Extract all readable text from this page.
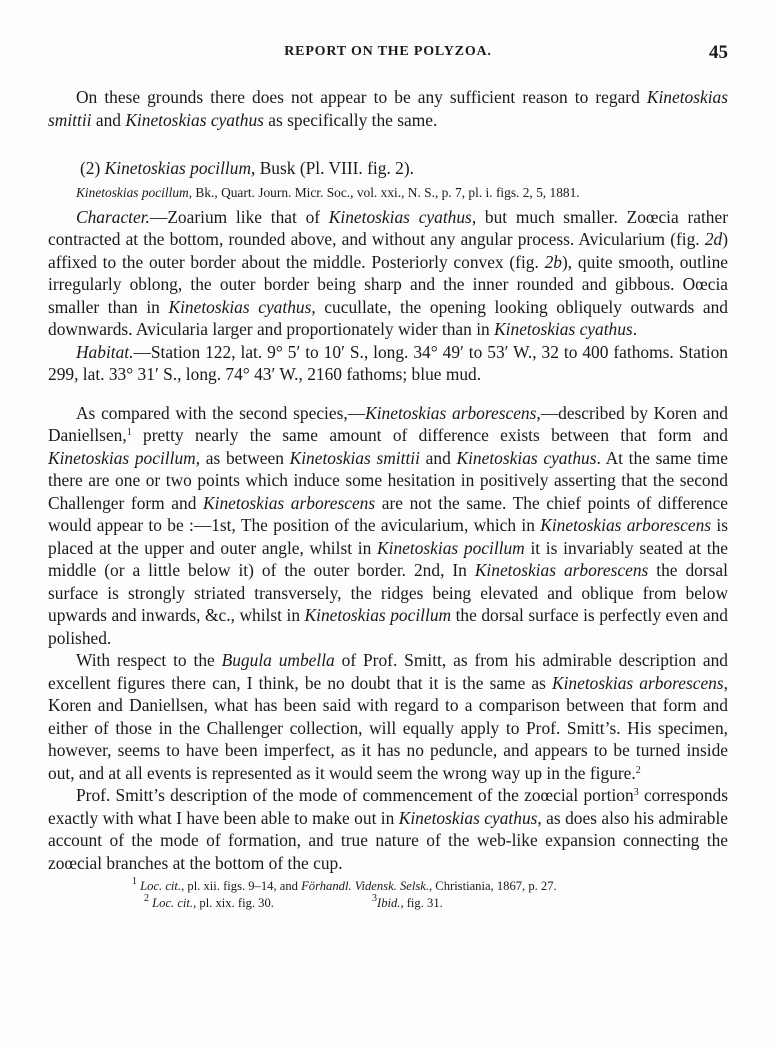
REPORT ON THE POLYZOA.	45

On these grounds there does not appear to be any sufficient reason to regard Kinetoskias smittii and Kinetoskias cyathus as specifically the same.

(2) Kinetoskias pocillum, Busk (Pl. VIII. fig. 2).

Kinetoskias pocillum, Bk., Quart. Journ. Micr. Soc., vol. xxi., N. S., p. 7, pl. i. figs. 2, 5, 1881.

Character.—Zoarium like that of Kinetoskias cyathus, but much smaller. Zoœcia rather contracted at the bottom, rounded above, and without any angular process. Avicularium (fig. 2d) affixed to the outer border about the middle. Posteriorly convex (fig. 2b), quite smooth, outline irregularly oblong, the outer border being sharp and the inner rounded and gibbous. Oœcia smaller than in Kinetoskias cyathus, cucullate, the opening looking obliquely outwards and downwards. Avicularia larger and proportionately wider than in Kinetoskias cyathus.

Habitat.—Station 122, lat. 9° 5′ to 10′ S., long. 34° 49′ to 53′ W., 32 to 400 fathoms. Station 299, lat. 33° 31′ S., long. 74° 43′ W., 2160 fathoms; blue mud.

As compared with the second species,—Kinetoskias arborescens,—described by Koren and Daniellsen,$^1$ pretty nearly the same amount of difference exists between that form and Kinetoskias pocillum, as between Kinetoskias smittii and Kinetoskias cyathus. At the same time there are one or two points which induce some hesitation in positively asserting that the second Challenger form and Kinetoskias arborescens are not the same. The chief points of difference would appear to be :—1st, The position of the avicularium, which in Kinetoskias arborescens is placed at the upper and outer angle, whilst in Kinetoskias pocillum it is invariably seated at the middle (or a little below it) of the outer border. 2nd, In Kinetoskias arborescens the dorsal surface is strongly striated transversely, the ridges being elevated and oblique from below upwards and inwards, &c., whilst in Kinetoskias pocillum the dorsal surface is perfectly even and polished.

With respect to the Bugula umbella of Prof. Smitt, as from his admirable description and excellent figures there can, I think, be no doubt that it is the same as Kinetoskias arborescens, Koren and Daniellsen, what has been said with regard to a comparison between that form and either of those in the Challenger collection, will equally apply to Prof. Smitt’s. His specimen, however, seems to have been imperfect, as it has no peduncle, and appears to be turned inside out, and at all events is represented as it would seem the wrong way up in the figure.$^2$

Prof. Smitt’s description of the mode of commencement of the zoœcial portion$^3$ corresponds exactly with what I have been able to make out in Kinetoskias cyathus, as does also his admirable account of the mode of formation, and true nature of the web-like expansion connecting the zoœcial branches at the bottom of the cup.

$^1$ Loc. cit., pl. xii. figs. 9–14, and Förhandl. Vidensk. Selsk., Christiania, 1867, p. 27.
$^2$ Loc. cit., pl. xix. fig. 30.	$^3$Ibid., fig. 31.
